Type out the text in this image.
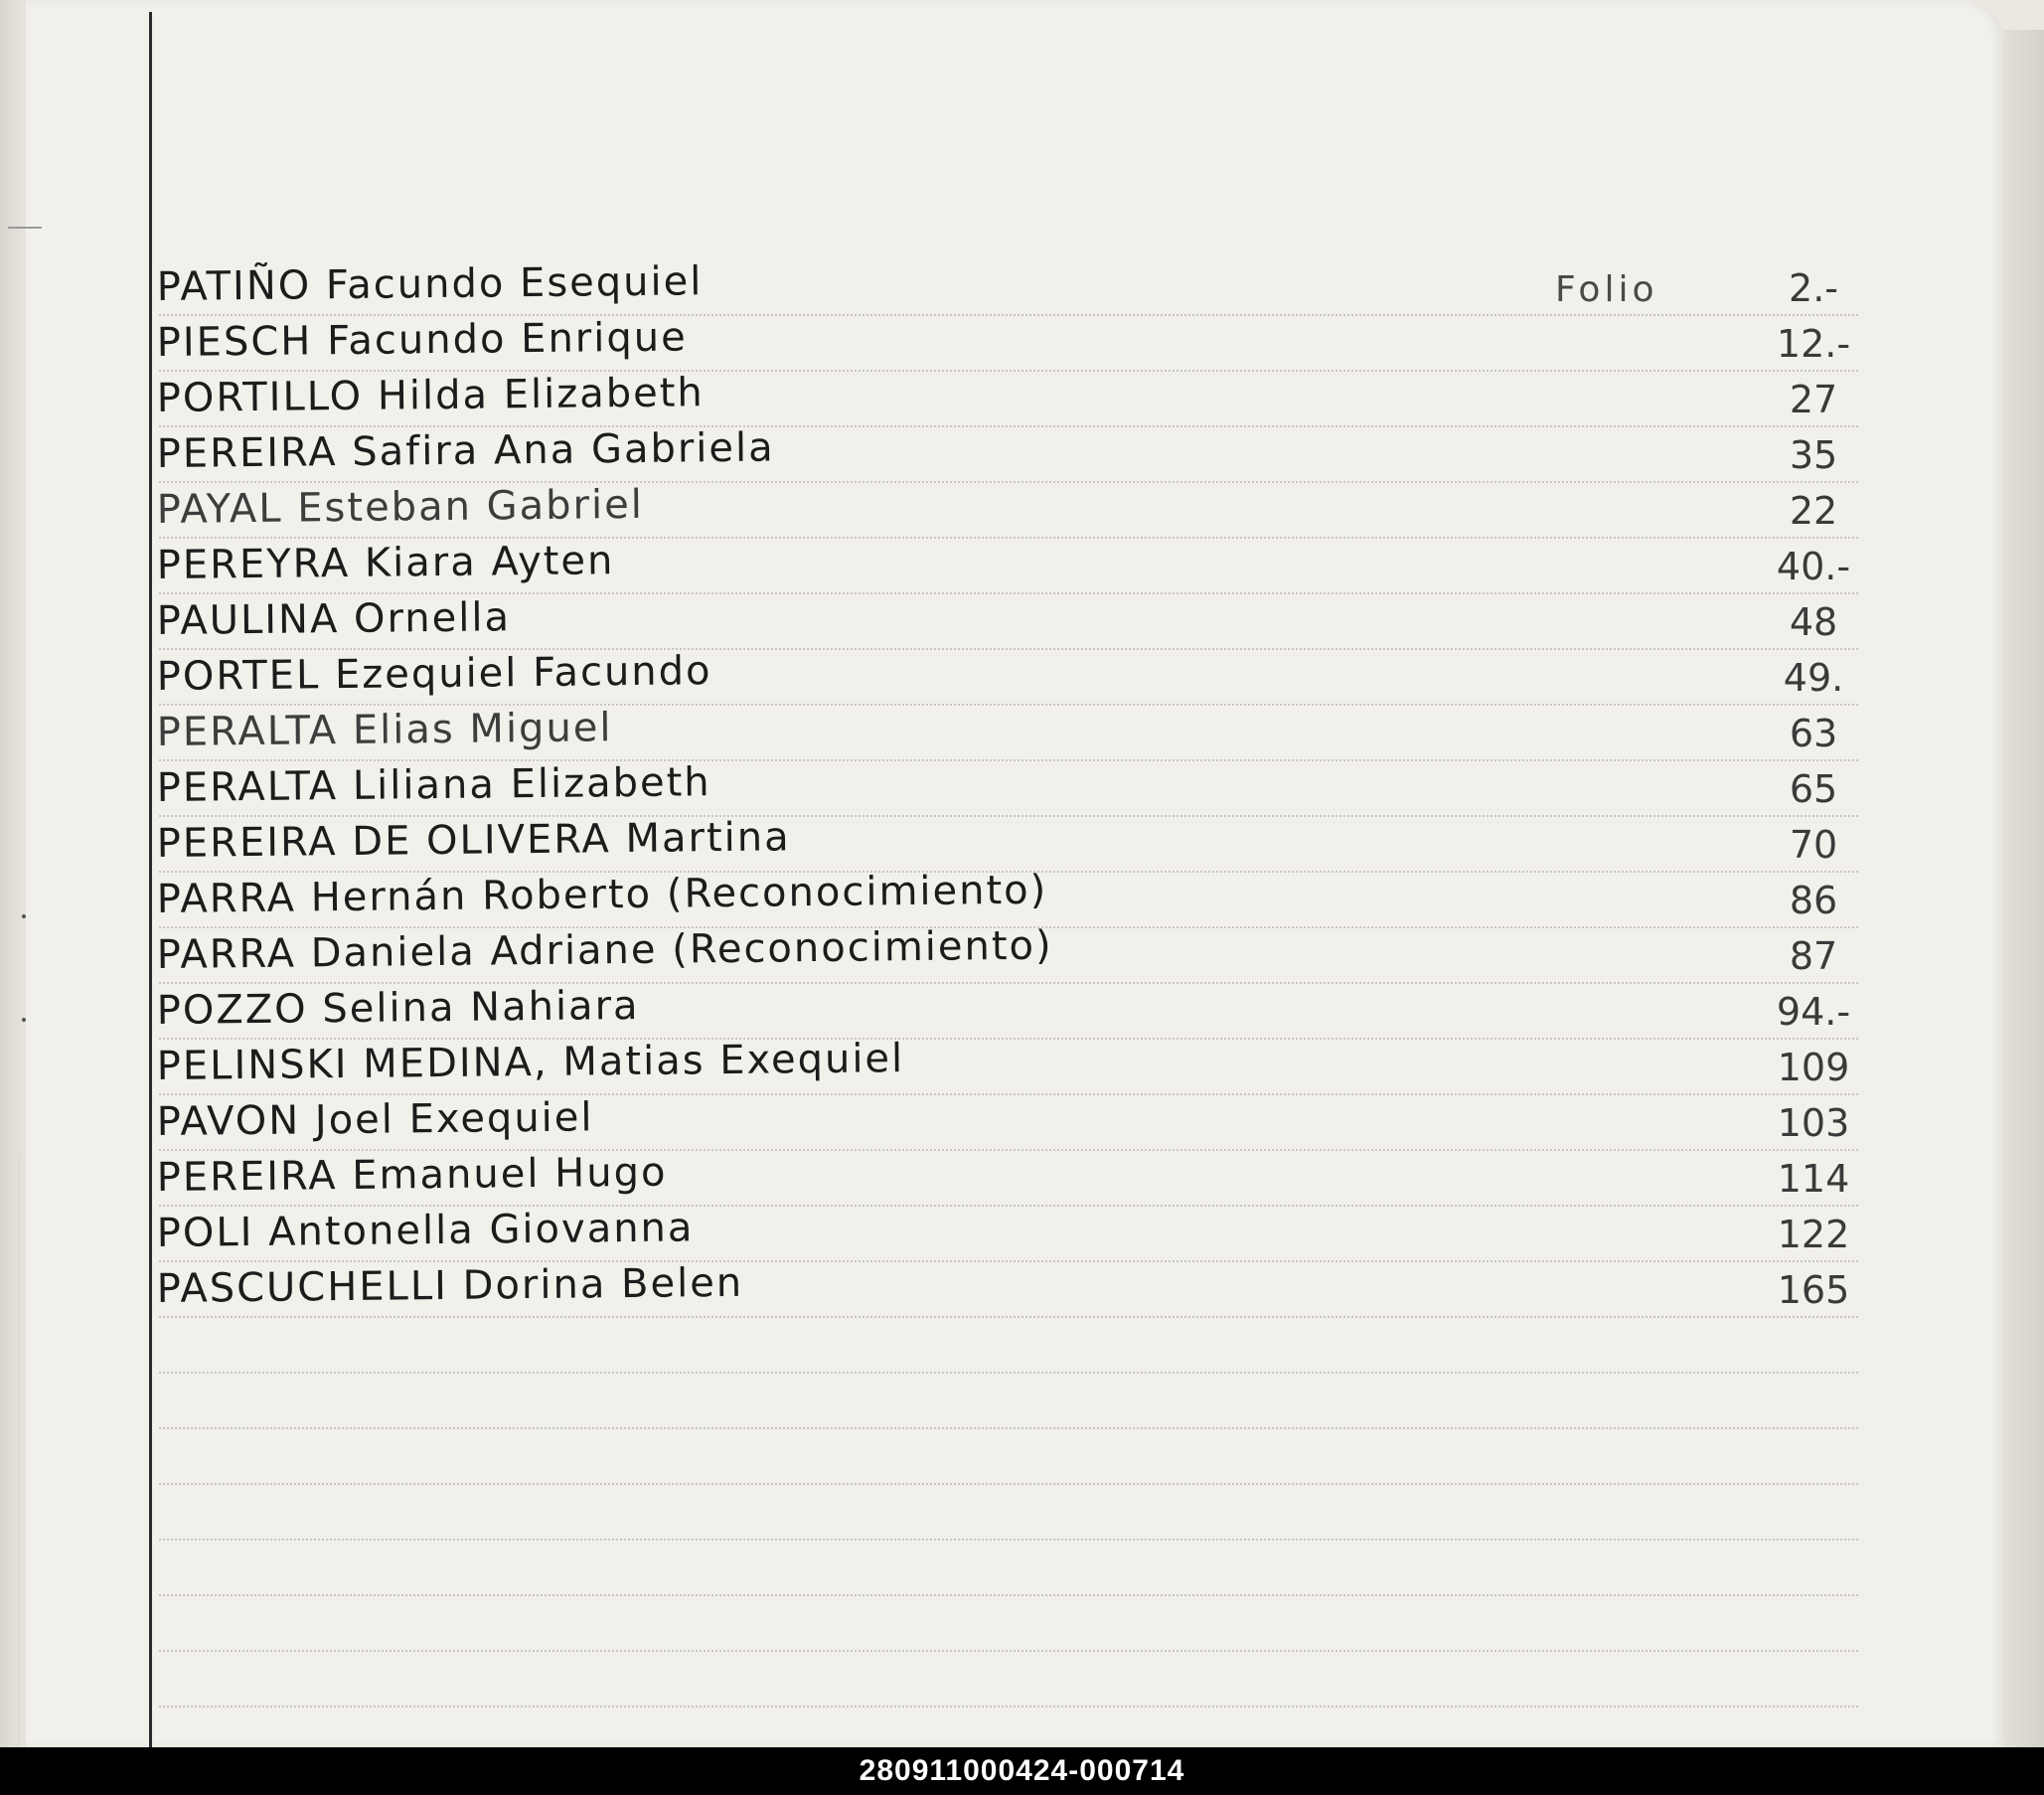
PATIÑO Facundo Esequiel	Folio	2.-
PIESCH Facundo Enrique	12.-
PORTILLO Hilda Elizabeth	27
PEREIRA Safira Ana Gabriela	35
PAYAL Esteban Gabriel	22
PEREYRA Kiara Ayten	40.-
PAULINA Ornella	48
PORTEL Ezequiel Facundo	49.
PERALTA Elias Miguel	63
PERALTA Liliana Elizabeth	65
PEREIRA DE OLIVERA Martina	70
PARRA Hernán Roberto (Reconocimiento)	86
PARRA Daniela Adriane (Reconocimiento)	87
POZZO Selina Nahiara	94.-
PELINSKI MEDINA, Matias Exequiel	109
PAVON Joel Exequiel	103
PEREIRA Emanuel Hugo	114
POLI Antonella Giovanna	122
PASCUCHELLI Dorina Belen	165
280911000424-000714
